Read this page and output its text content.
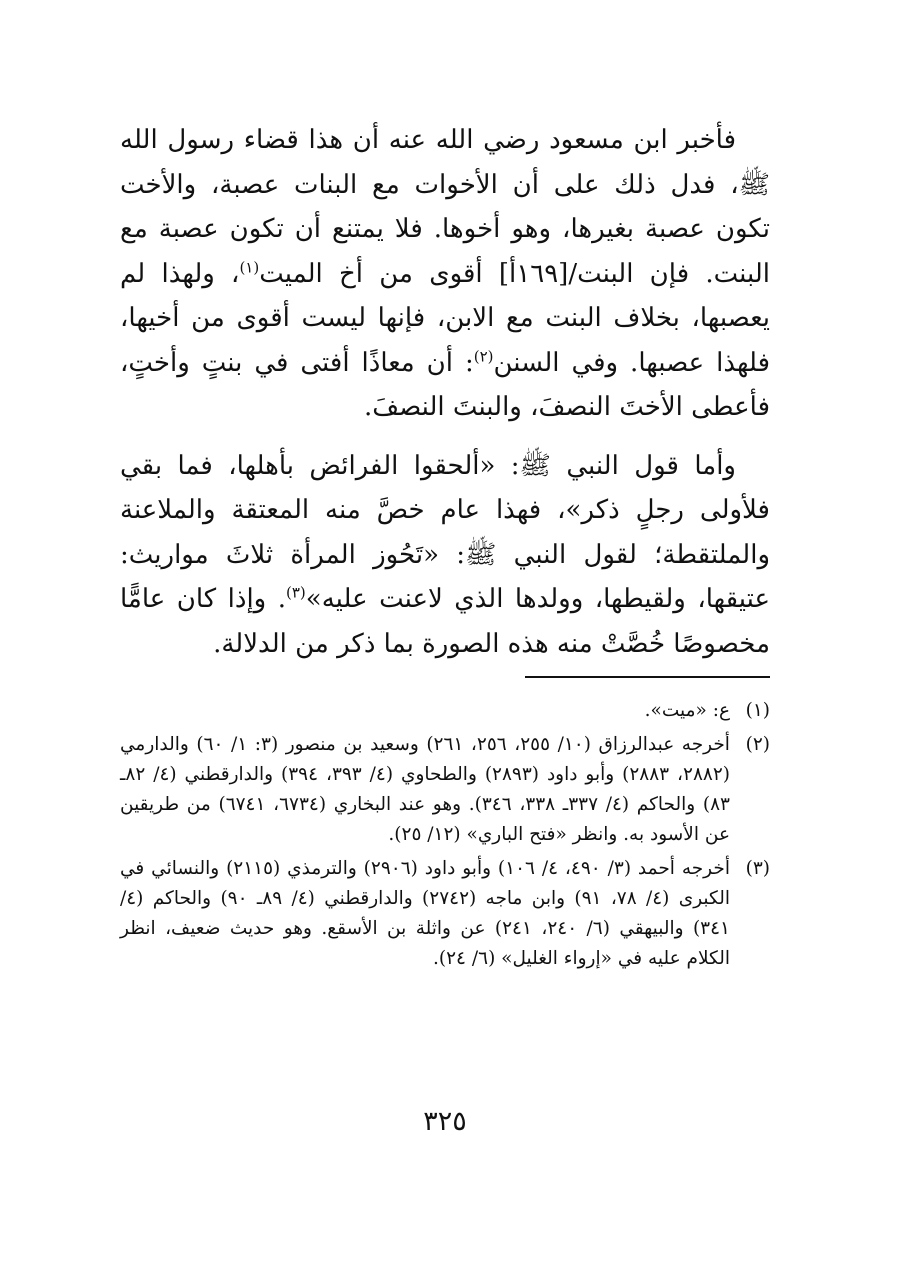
فأخبر ابن مسعود رضي الله عنه أن هذا قضاء رسول الله ﷺ، فدل ذلك على أن الأخوات مع البنات عصبة، والأخت تكون عصبة بغيرها، وهو أخوها. فلا يمتنع أن تكون عصبة مع البنت. فإن البنت/[١٦٩أ] أقوى من أخ الميت$^{(١)}$، ولهذا لم يعصبها، بخلاف البنت مع الابن، فإنها ليست أقوى من أخيها، فلهذا عصبها. وفي السنن$^{(٢)}$: أن معاذًا أفتى في بنتٍ وأختٍ، فأعطى الأختَ النصفَ، والبنتَ النصفَ.

وأما قول النبي ﷺ: «ألحقوا الفرائض بأهلها، فما بقي فلأولى رجلٍ ذكر»، فهذا عام خصَّ منه المعتقة والملاعنة والملتقطة؛ لقول النبي ﷺ: «تَحُوز المرأة ثلاثَ مواريث: عتيقها، ولقيطها، وولدها الذي لاعنت عليه»$^{(٣)}$. وإذا كان عامًّا مخصوصًا خُصَّتْ منه هذه الصورة بما ذكر من الدلالة.

(١)
ع: «ميت».
(٢)
أخرجه عبدالرزاق (١٠/ ٢٥٥، ٢٥٦، ٢٦١) وسعيد بن منصور (٣: ١/ ٦٠) والدارمي (٢٨٨٢، ٢٨٨٣) وأبو داود (٢٨٩٣) والطحاوي (٤/ ٣٩٣، ٣٩٤) والدارقطني (٤/ ٨٢ـ ٨٣) والحاكم (٤/ ٣٣٧ـ ٣٣٨، ٣٤٦). وهو عند البخاري (٦٧٣٤، ٦٧٤١) من طريقين عن الأسود به. وانظر «فتح الباري» (١٢/ ٢٥).
(٣)
أخرجه أحمد (٣/ ٤٩٠، ٤/ ١٠٦) وأبو داود (٢٩٠٦) والترمذي (٢١١٥) والنسائي في الكبرى (٤/ ٧٨، ٩١) وابن ماجه (٢٧٤٢) والدارقطني (٤/ ٨٩ـ ٩٠) والحاكم (٤/ ٣٤١) والبيهقي (٦/ ٢٤٠، ٢٤١) عن واثلة بن الأسقع. وهو حديث ضعيف، انظر الكلام عليه في «إرواء الغليل» (٦/ ٢٤).
٣٢٥
